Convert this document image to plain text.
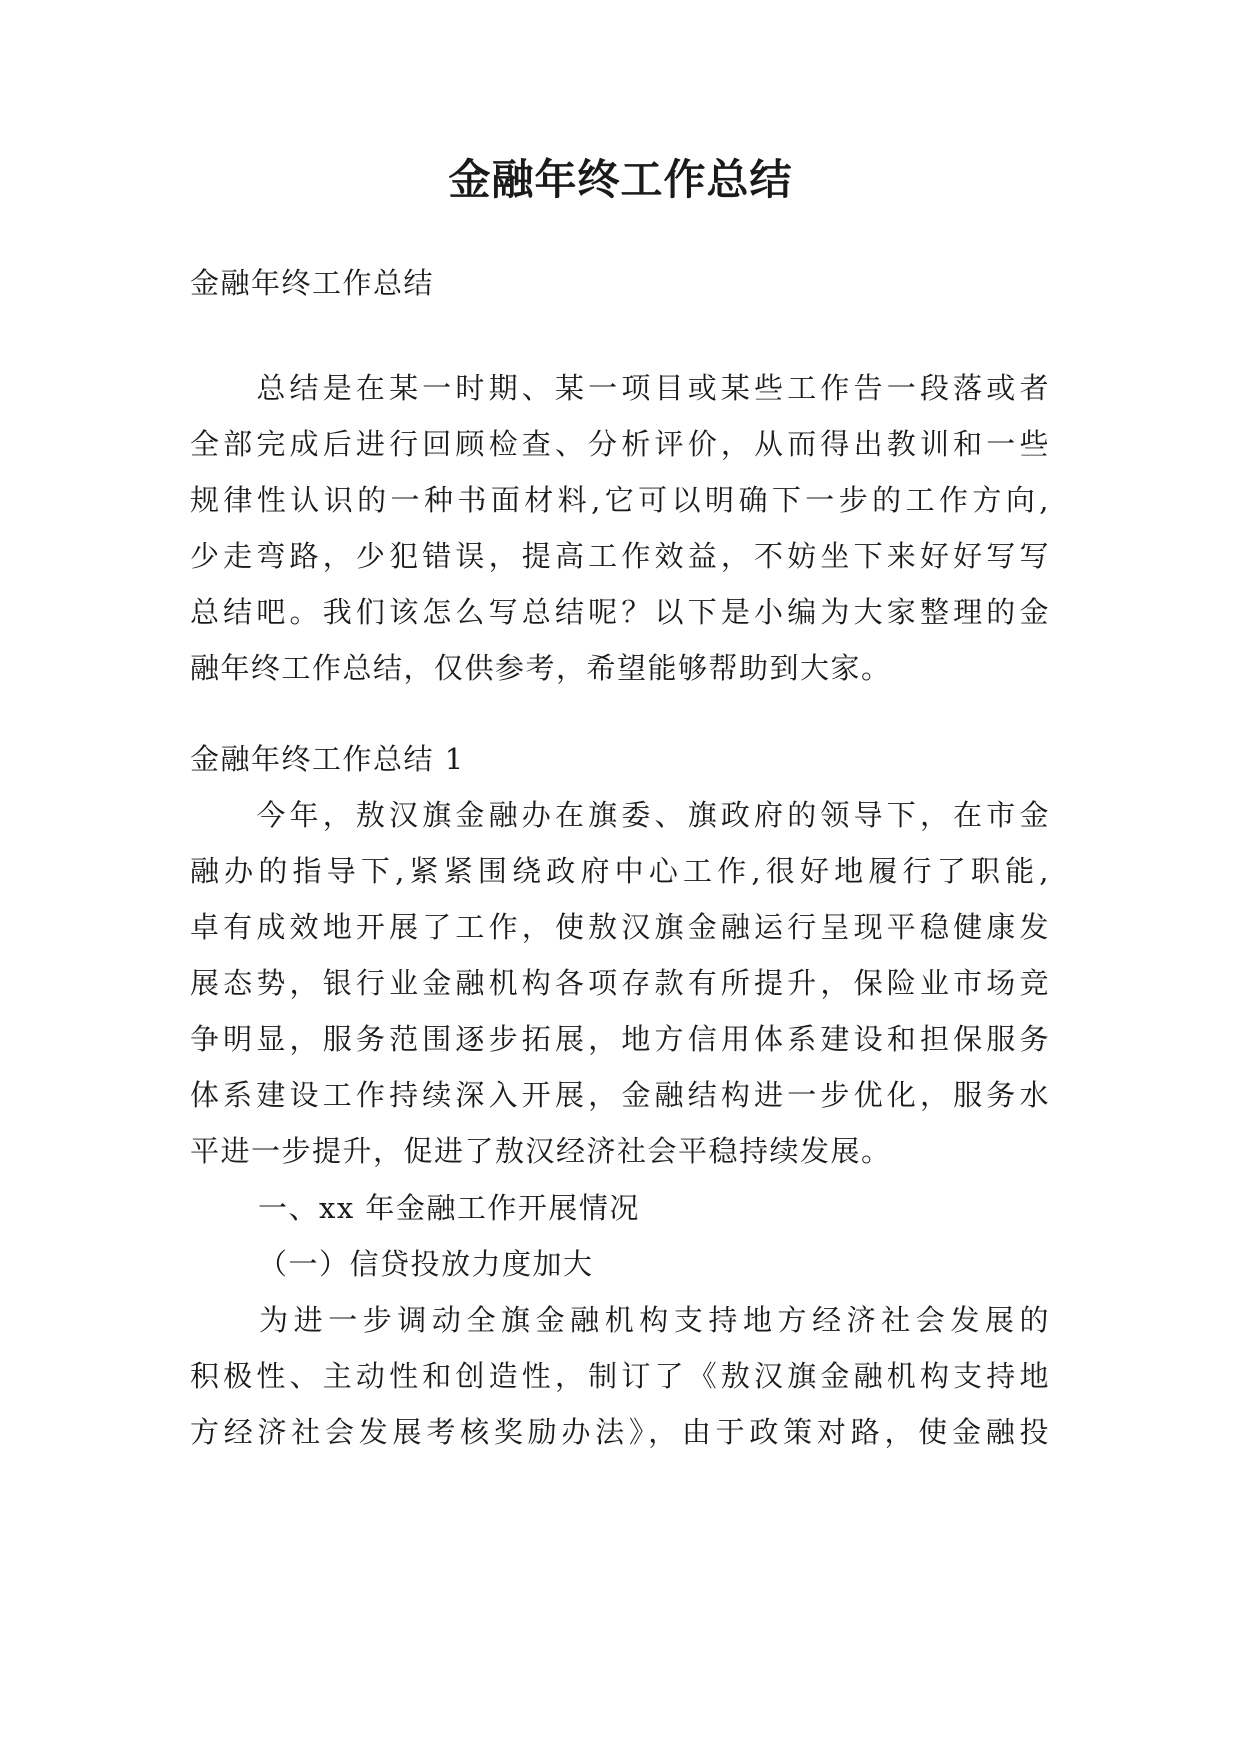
金融年终工作总结
金融年终工作总结
　　总结是在某一时期、某一项目或某些工作告一段落或者
全部完成后进行回顾检查、分析评价，从而得出教训和一些
规律性认识的一种书面材料,它可以明确下一步的工作方向,
少走弯路，少犯错误，提高工作效益，不妨坐下来好好写写
总结吧。我们该怎么写总结呢？以下是小编为大家整理的金
融年终工作总结，仅供参考，希望能够帮助到大家。
金融年终工作总结 1
　　今年，敖汉旗金融办在旗委、旗政府的领导下，在市金
融办的指导下,紧紧围绕政府中心工作,很好地履行了职能,
卓有成效地开展了工作，使敖汉旗金融运行呈现平稳健康发
展态势，银行业金融机构各项存款有所提升，保险业市场竞
争明显，服务范围逐步拓展，地方信用体系建设和担保服务
体系建设工作持续深入开展，金融结构进一步优化，服务水
平进一步提升，促进了敖汉经济社会平稳持续发展。
一、xx 年金融工作开展情况
（一）信贷投放力度加大
　　为进一步调动全旗金融机构支持地方经济社会发展的
积极性、主动性和创造性，制订了《敖汉旗金融机构支持地
方经济社会发展考核奖励办法》，由于政策对路，使金融投
